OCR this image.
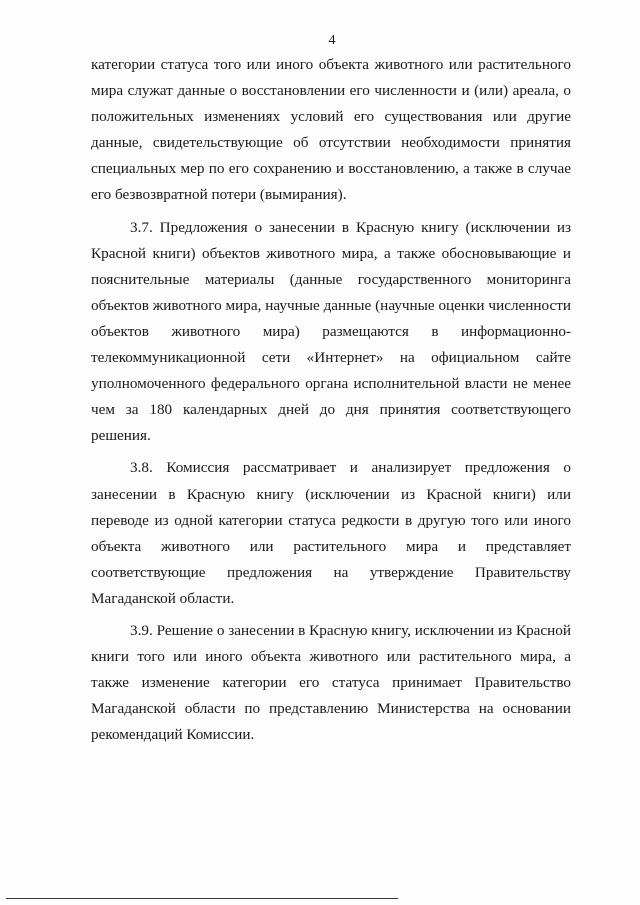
4

категории статуса того или иного объекта животного или растительного мира служат данные о восстановлении его численности и (или) ареала, о положительных изменениях условий его существования или другие данные, свидетельствующие об отсутствии необходимости принятия специальных мер по его сохранению и восстановлению, а также в случае его безвозвратной потери (вымирания).

3.7. Предложения о занесении в Красную книгу (исключении из Красной книги) объектов животного мира, а также обосновывающие и пояснительные материалы (данные государственного мониторинга объектов животного мира, научные данные (научные оценки численности объектов животного мира) размещаются в информационно-телекоммуникационной сети «Интернет» на официальном сайте уполномоченного федерального органа исполнительной власти не менее чем за 180 календарных дней до дня принятия соответствующего решения.

3.8. Комиссия рассматривает и анализирует предложения о занесении в Красную книгу (исключении из Красной книги) или переводе из одной категории статуса редкости в другую того или иного объекта животного или растительного мира и представляет соответствующие предложения на утверждение Правительству Магаданской области.

3.9. Решение о занесении в Красную книгу, исключении из Красной книги того или иного объекта животного или растительного мира, а также изменение категории его статуса принимает Правительство Магаданской области по представлению Министерства на основании рекомендаций Комиссии.
